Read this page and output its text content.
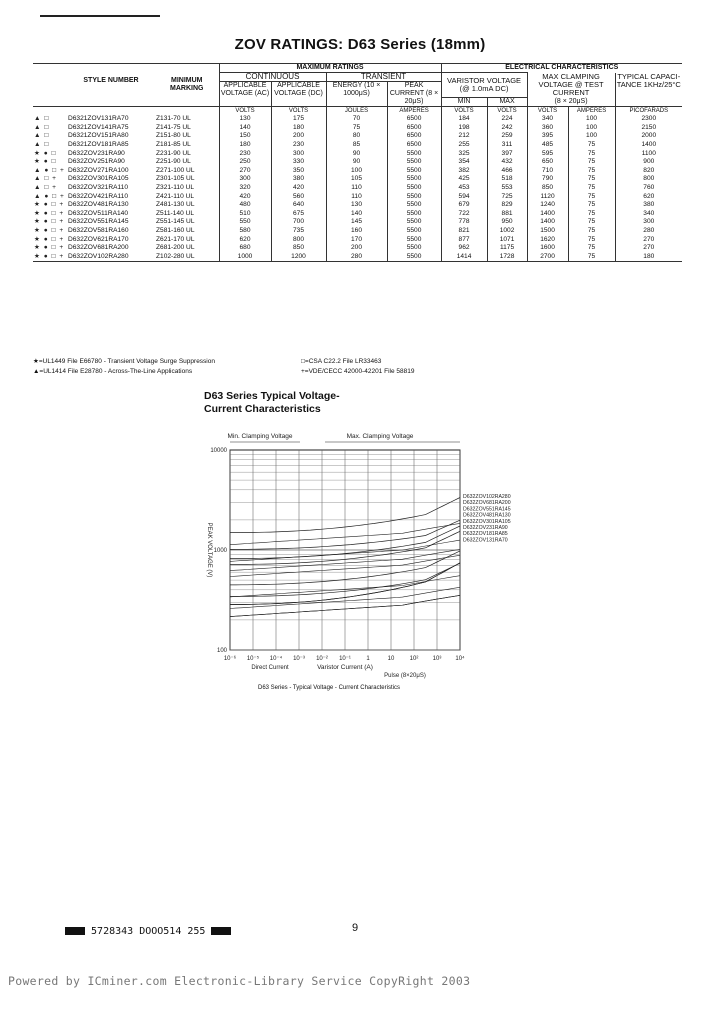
ZOV RATINGS: D63 Series (18mm)
			MAXIMUM RATINGS				ELECTRICAL CHARACTERISTICS				
	STYLE NUMBER	MINIMUM MARKING	CONTINUOUS		TRANSIENT		VARISTOR VOLTAGE (@ 1.0mA DC)		MAX CLAMPING VOLTAGE @ TEST CURRENT		TYPICAL CAPACI- TANCE 1KHz/25°C
			APPLICABLE VOLTAGE (AC)	APPLICABLE VOLTAGE (DC)	ENERGY (10 × 1000μS)	PEAK CURRENT (8 × 20μS)					
							MIN	MAX	(8 × 20μS)		
			VOLTS	VOLTS	JOULES	AMPERES	VOLTS	VOLTS	VOLTS	AMPERES	PICOFARADS
▲ □	D6321ZOV131RA70	Z131-70 UL	130	175	70	6500	184	224	340	100	2300
▲ □	D6321ZOV141RA75	Z141-75 UL	140	180	75	6500	198	242	360	100	2150
▲ □	D6321ZOV151RA80	Z151-80 UL	150	200	80	6500	212	259	395	100	2000
▲ □	D6321ZOV181RA85	Z181-85 UL	180	230	85	6500	255	311	485	75	1400
★ ● □	D632ZOV231RA90	Z231-90 UL	230	300	90	5500	325	397	595	75	1100
★ ● □	D632ZOV251RA90	Z251-90 UL	250	330	90	5500	354	432	650	75	900
▲ ● □ +	D632ZOV271RA100	Z271-100 UL	270	350	100	5500	382	466	710	75	820
▲ □ +	D632ZOV301RA105	Z301-105 UL	300	380	105	5500	425	518	790	75	800
▲ □ +	D632ZOV321RA110	Z321-110 UL	320	420	110	5500	453	553	850	75	760
▲ ● □ +	D632ZOV421RA110	Z421-110 UL	420	560	110	5500	594	725	1120	75	620
★ ● □ +	D632ZOV481RA130	Z481-130 UL	480	640	130	5500	679	829	1240	75	380
★ ● □ +	D632ZOV511RA140	Z511-140 UL	510	675	140	5500	722	881	1400	75	340
★ ● □ +	D632ZOV551RA145	Z551-145 UL	550	700	145	5500	778	950	1400	75	300
★ ● □ +	D632ZOV581RA160	Z581-160 UL	580	735	160	5500	821	1002	1500	75	280
★ ● □ +	D632ZOV621RA170	Z621-170 UL	620	800	170	5500	877	1071	1620	75	270
★ ● □ +	D632ZOV681RA200	Z681-200 UL	680	850	200	5500	962	1175	1600	75	270
★ ● □ +	D632ZOV102RA280	Z102-280 UL	1000	1200	280	5500	1414	1728	2700	75	180
★=UL1449 File E66780 - Transient Voltage Surge Suppression
▲=UL1414 File E28780 - Across-The-Line Applications
□=CSA C22.2 File LR33463
+=VDE/CECC 42000-42201 File 58819
D63 Series Typical Voltage-
Current Characteristics
D632ZOV102RA280
D632ZOV681RA200
D632ZOV551RA145
D632ZOV481RA130
D632ZOV301RA105
D632ZOV231RA90
D632ZOV181RA85
D632ZOV131RA70
10⁻⁶ 10⁻⁵ 10⁻⁴ 10⁻³ 10⁻² 10⁻¹	1	10	10² 10³ 10⁴
10000
1000
100
PEAK VOLTAGE (V)
Min. Clamping Voltage	Max. Clamping Voltage
Direct Current	Varistor Current (A)
Pulse (8×20μS)
D63 Series - Typical Voltage - Current Characteristics
5728343 DOOO514 255	9
Powered by ICminer.com Electronic-Library Service CopyRight 2003
